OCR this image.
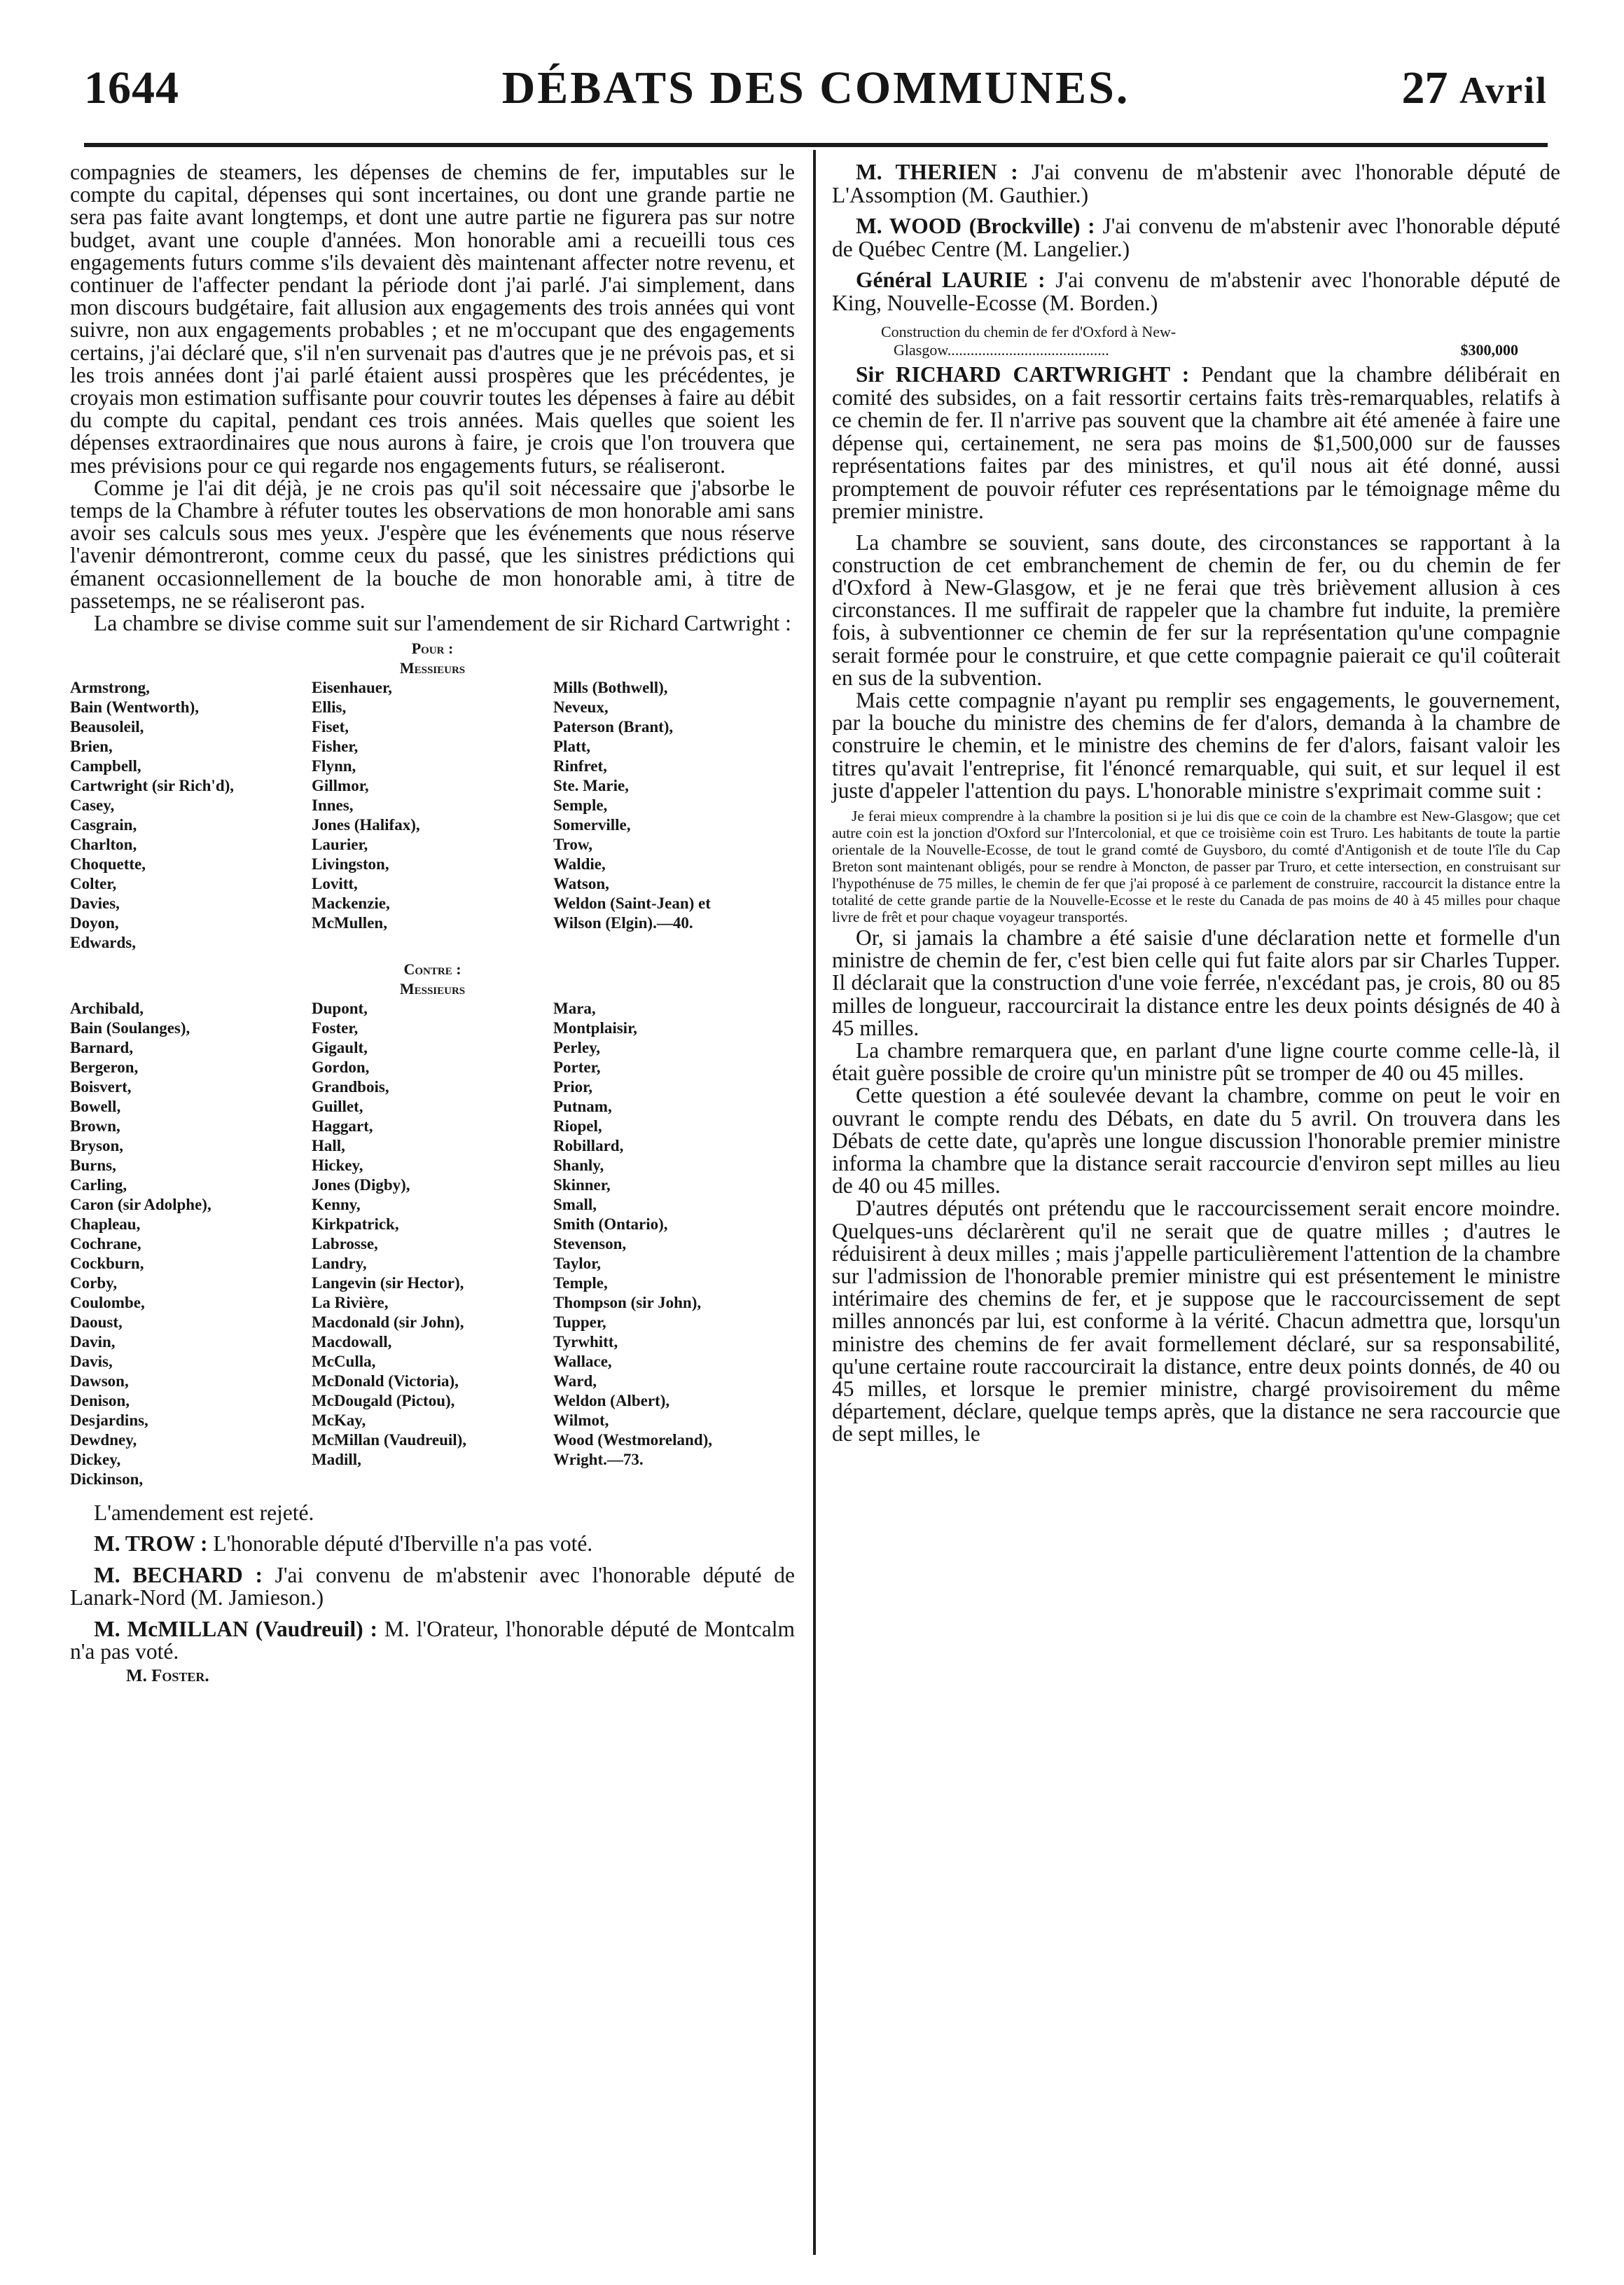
1644	DÉBATS DES COMMUNES.	27 Avril

compagnies de steamers, les dépenses de chemins de fer, imputables sur le compte du capital, dépenses qui sont incertaines, ou dont une grande partie ne sera pas faite avant longtemps, et dont une autre partie ne figurera pas sur notre budget, avant une couple d'années. Mon honorable ami a recueilli tous ces engagements futurs comme s'ils devaient dès maintenant affecter notre revenu, et continuer de l'affecter pendant la période dont j'ai parlé. J'ai simplement, dans mon discours budgétaire, fait allusion aux engagements des trois années qui vont suivre, non aux engagements probables ; et ne m'occupant que des engagements certains, j'ai déclaré que, s'il n'en survenait pas d'autres que je ne prévois pas, et si les trois années dont j'ai parlé étaient aussi prospères que les précédentes, je croyais mon estimation suffisante pour couvrir toutes les dépenses à faire au débit du compte du capital, pendant ces trois années. Mais quelles que soient les dépenses extraordinaires que nous aurons à faire, je crois que l'on trouvera que mes prévisions pour ce qui regarde nos engagements futurs, se réaliseront.

Comme je l'ai dit déjà, je ne crois pas qu'il soit nécessaire que j'absorbe le temps de la Chambre à réfuter toutes les observations de mon honorable ami sans avoir ses calculs sous mes yeux. J'espère que les événements que nous réserve l'avenir démontreront, comme ceux du passé, que les sinistres prédictions qui émanent occasionnellement de la bouche de mon honorable ami, à titre de passetemps, ne se réaliseront pas.

La chambre se divise comme suit sur l'amendement de sir Richard Cartwright :

Pour :
Messieurs
Armstrong,	Eisenhauer,	Mills (Bothwell),
Bain (Wentworth),	Ellis,	Neveux,
Beausoleil,	Fiset,	Paterson (Brant),
Brien,	Fisher,	Platt,
Campbell,	Flynn,	Rinfret,
Cartwright (sir Rich'd),	Gillmor,	Ste. Marie,
Casey,	Innes,	Semple,
Casgrain,	Jones (Halifax),	Somerville,
Charlton,	Laurier,	Trow,
Choquette,	Livingston,	Waldie,
Colter,	Lovitt,	Watson,
Davies,	Mackenzie,	Weldon (Saint-Jean) et
Doyon,	McMullen,	Wilson (Elgin).—40.
Edwards,
Contre :
Messieurs
Archibald,	Dupont,	Mara,
Bain (Soulanges),	Foster,	Montplaisir,
Barnard,	Gigault,	Perley,
Bergeron,	Gordon,	Porter,
Boisvert,	Grandbois,	Prior,
Bowell,	Guillet,	Putnam,
Brown,	Haggart,	Riopel,
Bryson,	Hall,	Robillard,
Burns,	Hickey,	Shanly,
Carling,	Jones (Digby),	Skinner,
Caron (sir Adolphe),	Kenny,	Small,
Chapleau,	Kirkpatrick,	Smith (Ontario),
Cochrane,	Labrosse,	Stevenson,
Cockburn,	Landry,	Taylor,
Corby,	Langevin (sir Hector),	Temple,
Coulombe,	La Rivière,	Thompson (sir John),
Daoust,	Macdonald (sir John),	Tupper,
Davin,	Macdowall,	Tyrwhitt,
Davis,	McCulla,	Wallace,
Dawson,	McDonald (Victoria),	Ward,
Denison,	McDougald (Pictou),	Weldon (Albert),
Desjardins,	McKay,	Wilmot,
Dewdney,	McMillan (Vaudreuil),	Wood (Westmoreland),
Dickey,	Madill,	Wright.—73.
Dickinson,

L'amendement est rejeté.

M. TROW : L'honorable député d'Iberville n'a pas voté.

M. BECHARD : J'ai convenu de m'abstenir avec l'honorable député de Lanark-Nord (M. Jamieson.)

M. McMILLAN (Vaudreuil) : M. l'Orateur, l'honorable député de Montcalm n'a pas voté.

M. Foster.

M. THERIEN : J'ai convenu de m'abstenir avec l'honorable député de L'Assomption (M. Gauthier.)

M. WOOD (Brockville) : J'ai convenu de m'abstenir avec l'honorable député de Québec Centre (M. Langelier.)

Général LAURIE : J'ai convenu de m'abstenir avec l'honorable député de King, Nouvelle-Ecosse (M. Borden.)

Construction du chemin de fer d'Oxford à New-
Glasgow..........................................	$300,000

Sir RICHARD CARTWRIGHT : Pendant que la chambre délibérait en comité des subsides, on a fait ressortir certains faits très-remarquables, relatifs à ce chemin de fer. Il n'arrive pas souvent que la chambre ait été amenée à faire une dépense qui, certainement, ne sera pas moins de $1,500,000 sur de fausses représentations faites par des ministres, et qu'il nous ait été donné, aussi promptement de pouvoir réfuter ces représentations par le témoignage même du premier ministre.

La chambre se souvient, sans doute, des circonstances se rapportant à la construction de cet embranchement de chemin de fer, ou du chemin de fer d'Oxford à New-Glasgow, et je ne ferai que très brièvement allusion à ces circonstances. Il me suffirait de rappeler que la chambre fut induite, la première fois, à subventionner ce chemin de fer sur la représentation qu'une compagnie serait formée pour le construire, et que cette compagnie paierait ce qu'il coûterait en sus de la subvention.

Mais cette compagnie n'ayant pu remplir ses engagements, le gouvernement, par la bouche du ministre des chemins de fer d'alors, demanda à la chambre de construire le chemin, et le ministre des chemins de fer d'alors, faisant valoir les titres qu'avait l'entreprise, fit l'énoncé remarquable, qui suit, et sur lequel il est juste d'appeler l'attention du pays. L'honorable ministre s'exprimait comme suit :

Je ferai mieux comprendre à la chambre la position si je lui dis que ce coin de la chambre est New-Glasgow; que cet autre coin est la jonction d'Oxford sur l'Intercolonial, et que ce troisième coin est Truro. Les habitants de toute la partie orientale de la Nouvelle-Ecosse, de tout le grand comté de Guysboro, du comté d'Antigonish et de toute l'île du Cap Breton sont maintenant obligés, pour se rendre à Moncton, de passer par Truro, et cette intersection, en construisant sur l'hypothénuse de 75 milles, le chemin de fer que j'ai proposé à ce parlement de construire, raccourcit la distance entre la totalité de cette grande partie de la Nouvelle-Ecosse et le reste du Canada de pas moins de 40 à 45 milles pour chaque livre de frêt et pour chaque voyageur transportés.

Or, si jamais la chambre a été saisie d'une déclaration nette et formelle d'un ministre de chemin de fer, c'est bien celle qui fut faite alors par sir Charles Tupper. Il déclarait que la construction d'une voie ferrée, n'excédant pas, je crois, 80 ou 85 milles de longueur, raccourcirait la distance entre les deux points désignés de 40 à 45 milles.

La chambre remarquera que, en parlant d'une ligne courte comme celle-là, il était guère possible de croire qu'un ministre pût se tromper de 40 ou 45 milles.

Cette question a été soulevée devant la chambre, comme on peut le voir en ouvrant le compte rendu des Débats, en date du 5 avril. On trouvera dans les Débats de cette date, qu'après une longue discussion l'honorable premier ministre informa la chambre que la distance serait raccourcie d'environ sept milles au lieu de 40 ou 45 milles.

D'autres députés ont prétendu que le raccourcissement serait encore moindre. Quelques-uns déclarèrent qu'il ne serait que de quatre milles ; d'autres le réduisirent à deux milles ; mais j'appelle particulièrement l'attention de la chambre sur l'admission de l'honorable premier ministre qui est présentement le ministre intérimaire des chemins de fer, et je suppose que le raccourcissement de sept milles annoncés par lui, est conforme à la vérité. Chacun admettra que, lorsqu'un ministre des chemins de fer avait formellement déclaré, sur sa responsabilité, qu'une certaine route raccourcirait la distance, entre deux points donnés, de 40 ou 45 milles, et lorsque le premier ministre, chargé provisoirement du même département, déclare, quelque temps après, que la distance ne sera raccourcie que de sept milles, le
